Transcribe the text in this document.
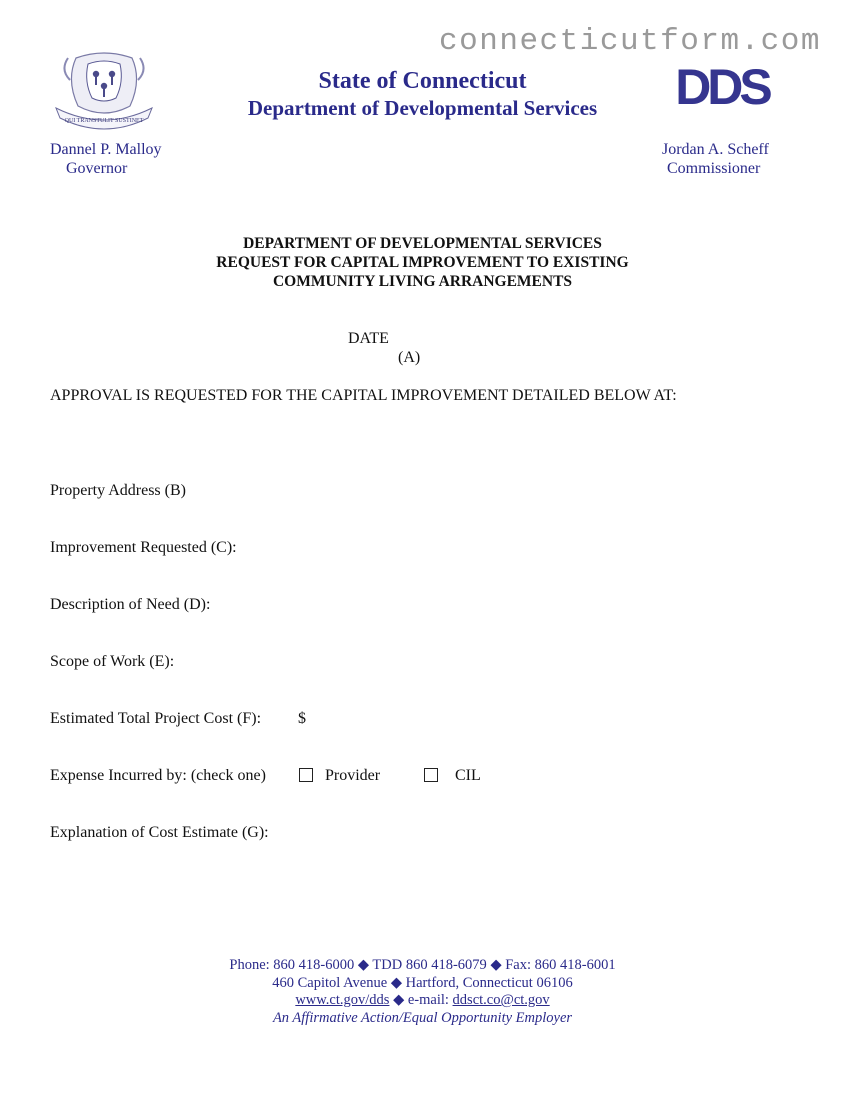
connecticutform.com
QUI TRANSTULIT SUSTINET
State of Connecticut
Department of Developmental Services	DDS
Dannel P. Malloy
Governor
Jordan A. Scheff
Commissioner
DEPARTMENT OF DEVELOPMENTAL SERVICES
REQUEST FOR CAPITAL IMPROVEMENT TO EXISTING
COMMUNITY LIVING ARRANGEMENTS
DATE
(A)
APPROVAL IS REQUESTED FOR THE CAPITAL IMPROVEMENT DETAILED BELOW AT:
Property Address (B)
Improvement Requested (C):
Description of Need (D):
Scope of Work (E):
Estimated Total Project Cost (F): $
Expense Incurred by: (check one)	Provider	CIL
Explanation of Cost Estimate (G):
Phone: 860 418-6000 ◆ TDD 860 418-6079 ◆ Fax: 860 418-6001
460 Capitol Avenue ◆ Hartford, Connecticut 06106
www.ct.gov/dds ◆ e-mail: ddsct.co@ct.gov
An Affirmative Action/Equal Opportunity Employer
